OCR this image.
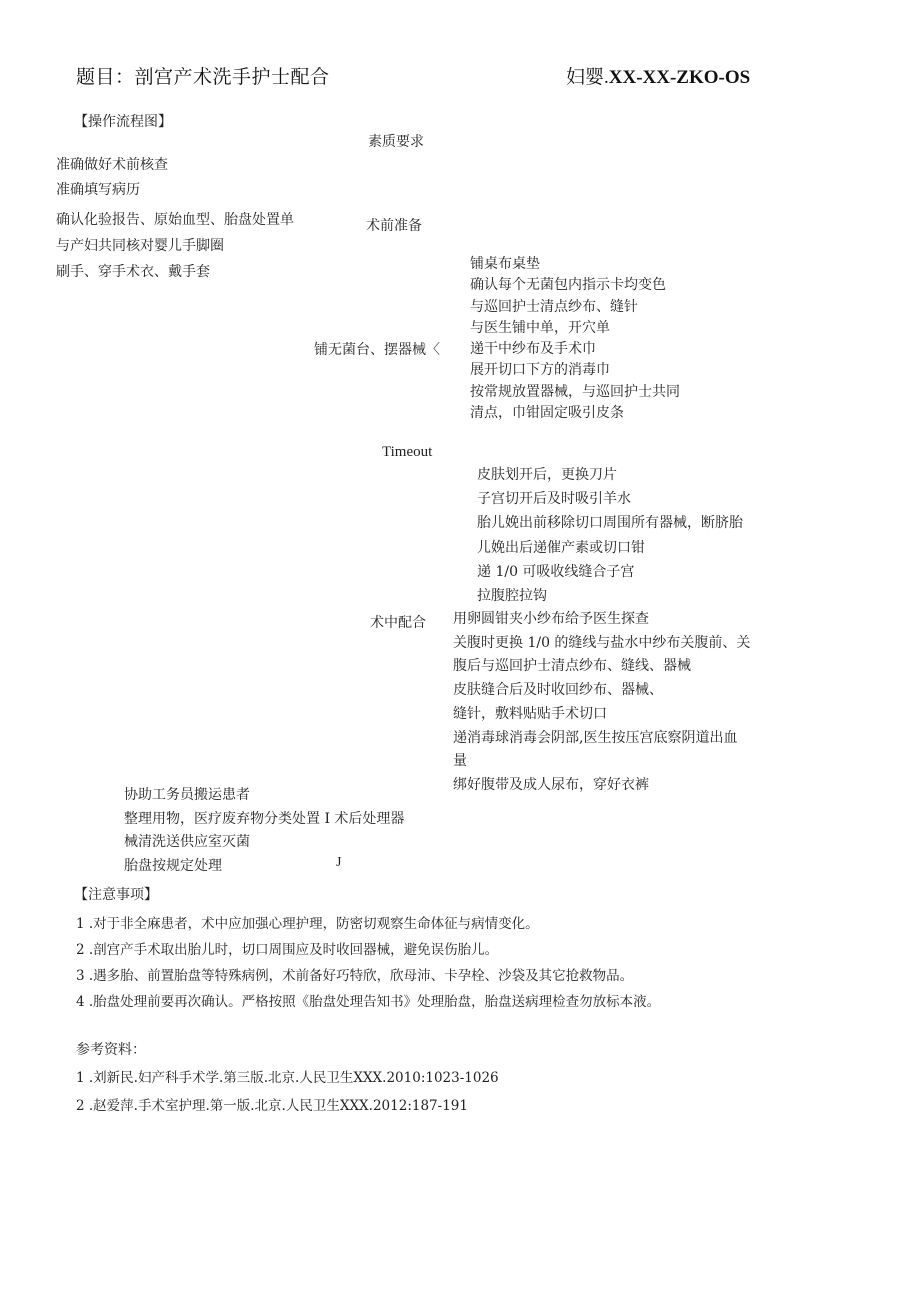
题目：剖宫产术洗手护士配合	妇婴.XX-XX-ZKO-OS
【操作流程图】
素质要求
准确做好术前核查
准确填写病历
确认化验报告、原始血型、胎盘处置单
与产妇共同核对婴儿手脚圈
刷手、穿手术衣、戴手套
术前准备
铺桌布桌垫
确认每个无菌包内指示卡均变色
与巡回护士清点纱布、缝针
与医生铺中单，开穴单
递干中纱布及手术巾
展开切口下方的消毒巾
按常规放置器械，与巡回护士共同
清点，巾钳固定吸引皮条
铺无菌台、摆器械〈
Timeout
皮肤划开后，更换刀片
子宫切开后及时吸引羊水
胎儿娩出前移除切口周围所有器械，断脐胎
儿娩出后递催产素或切口钳
递 1/0 可吸收线缝合子宫
拉腹腔拉钩
术中配合 用卵圆钳夹小纱布给予医生探查
关腹时更换 1/0 的缝线与盐水中纱布关腹前、关
腹后与巡回护士清点纱布、缝线、器械
皮肤缝合后及时收回纱布、器械、
缝针，敷料贴贴手术切口
递消毒球消毒会阴部,医生按压宫底察阴道出血
量
绑好腹带及成人尿布，穿好衣裤
协助工务员搬运患者
整理用物，医疗废弃物分类处置 I 术后处理器
械清洗送供应室灭菌
胎盘按规定处理	J
【注意事项】
1 .对于非全麻患者，术中应加强心理护理，防密切观察生命体征与病情变化。
2 .剖宫产手术取出胎儿时，切口周围应及时收回器械，避免误伤胎儿。
3 .遇多胎、前置胎盘等特殊病例，术前备好巧特欣，欣母沛、卡孕栓、沙袋及其它抢救物品。
4 .胎盘处理前要再次确认。严格按照《胎盘处理告知书》处理胎盘，胎盘送病理检查勿放标本液。
参考资料：
1 .刘新民.妇产科手术学.第三版.北京.人民卫生XXX.2010:1023-1026
2 .赵爱萍.手术室护理.第一版.北京.人民卫生XXX.2012:187-191
